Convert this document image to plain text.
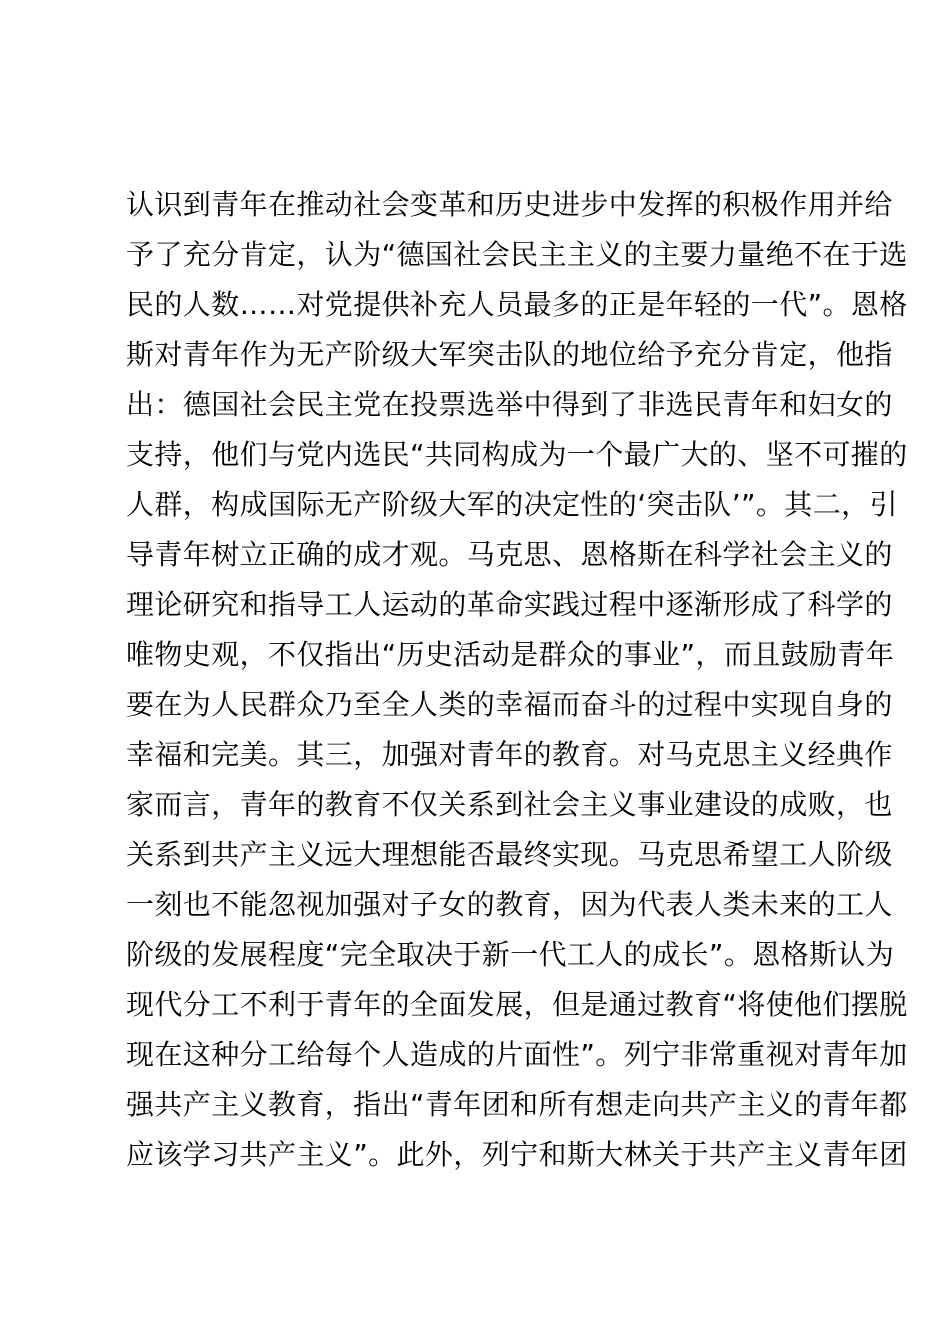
认识到青年在推动社会变革和历史进步中发挥的积极作用并给
予了充分肯定，认为“德国社会民主主义的主要力量绝不在于选
民的人数……对党提供补充人员最多的正是年轻的一代”。恩格
斯对青年作为无产阶级大军突击队的地位给予充分肯定，他指
出：德国社会民主党在投票选举中得到了非选民青年和妇女的
支持，他们与党内选民“共同构成为一个最广大的、坚不可摧的
人群，构成国际无产阶级大军的决定性的‘突击队’”。其二，引
导青年树立正确的成才观。马克思、恩格斯在科学社会主义的
理论研究和指导工人运动的革命实践过程中逐渐形成了科学的
唯物史观，不仅指出“历史活动是群众的事业”，而且鼓励青年
要在为人民群众乃至全人类的幸福而奋斗的过程中实现自身的
幸福和完美。其三，加强对青年的教育。对马克思主义经典作
家而言，青年的教育不仅关系到社会主义事业建设的成败，也
关系到共产主义远大理想能否最终实现。马克思希望工人阶级
一刻也不能忽视加强对子女的教育，因为代表人类未来的工人
阶级的发展程度“完全取决于新一代工人的成长”。恩格斯认为
现代分工不利于青年的全面发展，但是通过教育“将使他们摆脱
现在这种分工给每个人造成的片面性”。列宁非常重视对青年加
强共产主义教育，指出“青年团和所有想走向共产主义的青年都
应该学习共产主义”。此外，列宁和斯大林关于共产主义青年团
